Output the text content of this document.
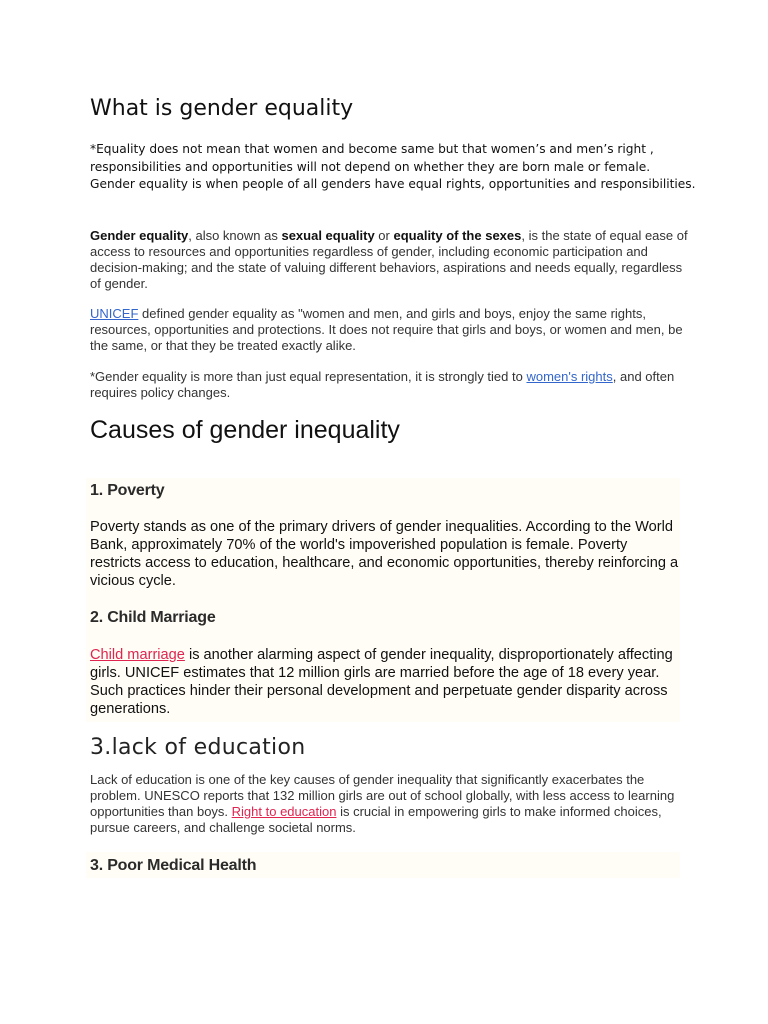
What is gender equality

*Equality does not mean that women and become same but that women’s and men’s right ,

responsibilities and opportunities will not depend on whether they are born male or female.

Gender equality is when people of all genders have equal rights, opportunities and responsibilities.

Gender equality, also known as sexual equality or equality of the sexes, is the state of equal ease of access to resources and opportunities regardless of gender, including economic participation and decision-making; and the state of valuing different behaviors, aspirations and needs equally, regardless of gender.

UNICEF defined gender equality as "women and men, and girls and boys, enjoy the same rights, resources, opportunities and protections. It does not require that girls and boys, or women and men, be the same, or that they be treated exactly alike.

*Gender equality is more than just equal representation, it is strongly tied to women's rights, and often requires policy changes.

Causes of gender inequality
1. Poverty

Poverty stands as one of the primary drivers of gender inequalities. According to the World Bank, approximately 70% of the world's impoverished population is female. Poverty restricts access to education, healthcare, and economic opportunities, thereby reinforcing a vicious cycle.

2. Child Marriage

Child marriage is another alarming aspect of gender inequality, disproportionately affecting girls. UNICEF estimates that 12 million girls are married before the age of 18 every year. Such practices hinder their personal development and perpetuate gender disparity across generations.

3.lack of education

Lack of education is one of the key causes of gender inequality that significantly exacerbates the problem. UNESCO reports that 132 million girls are out of school globally, with less access to learning opportunities than boys. Right to education is crucial in empowering girls to make informed choices, pursue careers, and challenge societal norms.

3. Poor Medical Health
